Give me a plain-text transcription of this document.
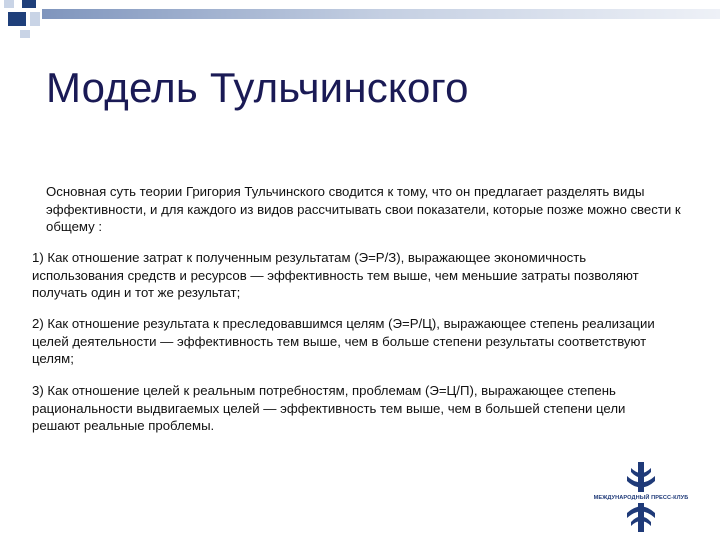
Модель Тульчинского
Основная суть теории Григория Тульчинского сводится к тому, что он предлагает разделять виды эффективности, и для каждого из видов рассчитывать свои показатели, которые позже можно свести к общему :
1) Как отношение затрат к полученным результатам (Э=Р/З), выражающее экономичность использования средств и ресурсов — эффективность тем выше, чем меньшие затраты позволяют получать один и тот же результат;
2) Как отношение результата к преследовавшимся целям (Э=Р/Ц), выражающее степень реализации целей деятельности — эффективность тем выше, чем в больше степени результаты соответствуют целям;
3) Как отношение целей к реальным потребностям, проблемам (Э=Ц/П), выражающее степень рациональности выдвигаемых целей — эффективность тем выше, чем в большей степени цели решают реальные проблемы.
МЕЖДУНАРОДНЫЙ ПРЕСС-КЛУБ
